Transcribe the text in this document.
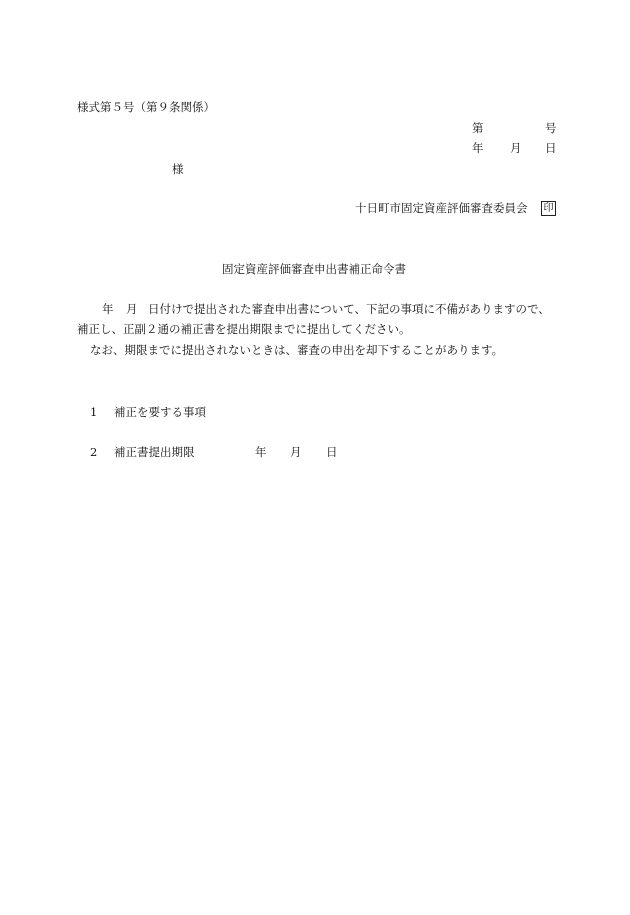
様式第５号（第９条関係）
第	号
年 月 日
様
十日町市固定資産評価審査委員会 印
固定資産評価審査申出書補正命令書
年 月 日付けで提出された審査申出書について、下記の事項に不備がありますので、
補正し、正副２通の補正書を提出期限までに提出してください。
なお、期限までに提出されないときは、審査の申出を却下することがあります。
1 補正を要する事項
2 補正書提出期限	年 月 日
